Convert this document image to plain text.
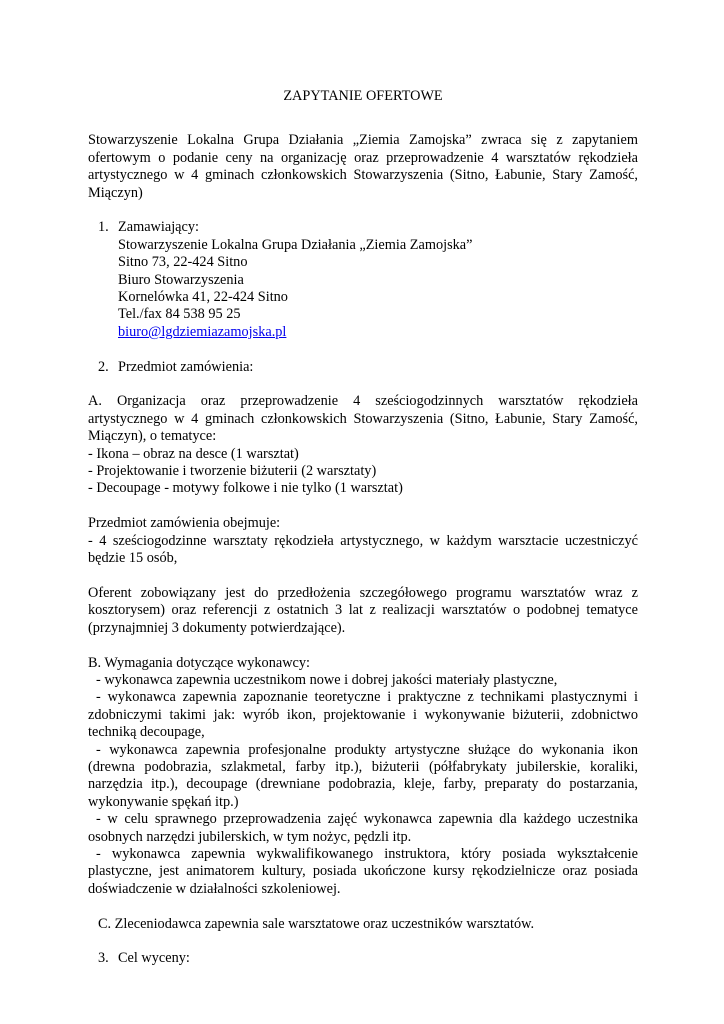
ZAPYTANIE OFERTOWE

Stowarzyszenie Lokalna Grupa Działania „Ziemia Zamojska” zwraca się z zapytaniem ofertowym o podanie ceny na organizację oraz przeprowadzenie 4 warsztatów rękodzieła artystycznego w 4 gminach członkowskich Stowarzyszenia (Sitno, Łabunie, Stary Zamość, Miączyn)

1. Zamawiający:

Stowarzyszenie Lokalna Grupa Działania „Ziemia Zamojska”
Sitno 73, 22-424 Sitno
Biuro Stowarzyszenia
Kornelówka 41, 22-424 Sitno
Tel./fax 84 538 95 25
biuro@lgdziemiazamojska.pl

2. Przedmiot zamówienia:

A. Organizacja oraz przeprowadzenie 4 sześciogodzinnych warsztatów rękodzieła artystycznego w 4 gminach członkowskich Stowarzyszenia (Sitno, Łabunie, Stary Zamość, Miączyn), o tematyce:

- Ikona – obraz na desce (1 warsztat)

- Projektowanie i tworzenie biżuterii (2 warsztaty)

- Decoupage - motywy folkowe i nie tylko (1 warsztat)

Przedmiot zamówienia obejmuje:

- 4 sześciogodzinne warsztaty rękodzieła artystycznego, w każdym warsztacie uczestniczyć będzie 15 osób,

Oferent zobowiązany jest do przedłożenia szczegółowego programu warsztatów wraz z kosztorysem) oraz referencji z ostatnich 3 lat z realizacji warsztatów o podobnej tematyce (przynajmniej 3 dokumenty potwierdzające).

B. Wymagania dotyczące wykonawcy:

- wykonawca zapewnia uczestnikom nowe i dobrej jakości materiały plastyczne,

- wykonawca zapewnia zapoznanie teoretyczne i praktyczne z technikami plastycznymi i zdobniczymi takimi jak: wyrób ikon, projektowanie i wykonywanie biżuterii, zdobnictwo techniką decoupage,

- wykonawca zapewnia profesjonalne produkty artystyczne służące do wykonania ikon (drewna podobrazia, szlakmetal, farby itp.), biżuterii (półfabrykaty jubilerskie, koraliki, narzędzia itp.), decoupage (drewniane podobrazia, kleje, farby, preparaty do postarzania, wykonywanie spękań itp.)

- w celu sprawnego przeprowadzenia zajęć wykonawca zapewnia dla każdego uczestnika osobnych narzędzi jubilerskich, w tym nożyc, pędzli itp.

- wykonawca zapewnia wykwalifikowanego instruktora, który posiada wykształcenie plastyczne, jest animatorem kultury, posiada ukończone kursy rękodzielnicze oraz posiada doświadczenie w działalności szkoleniowej.

C. Zleceniodawca zapewnia sale warsztatowe oraz uczestników warsztatów.

3. Cel wyceny:
